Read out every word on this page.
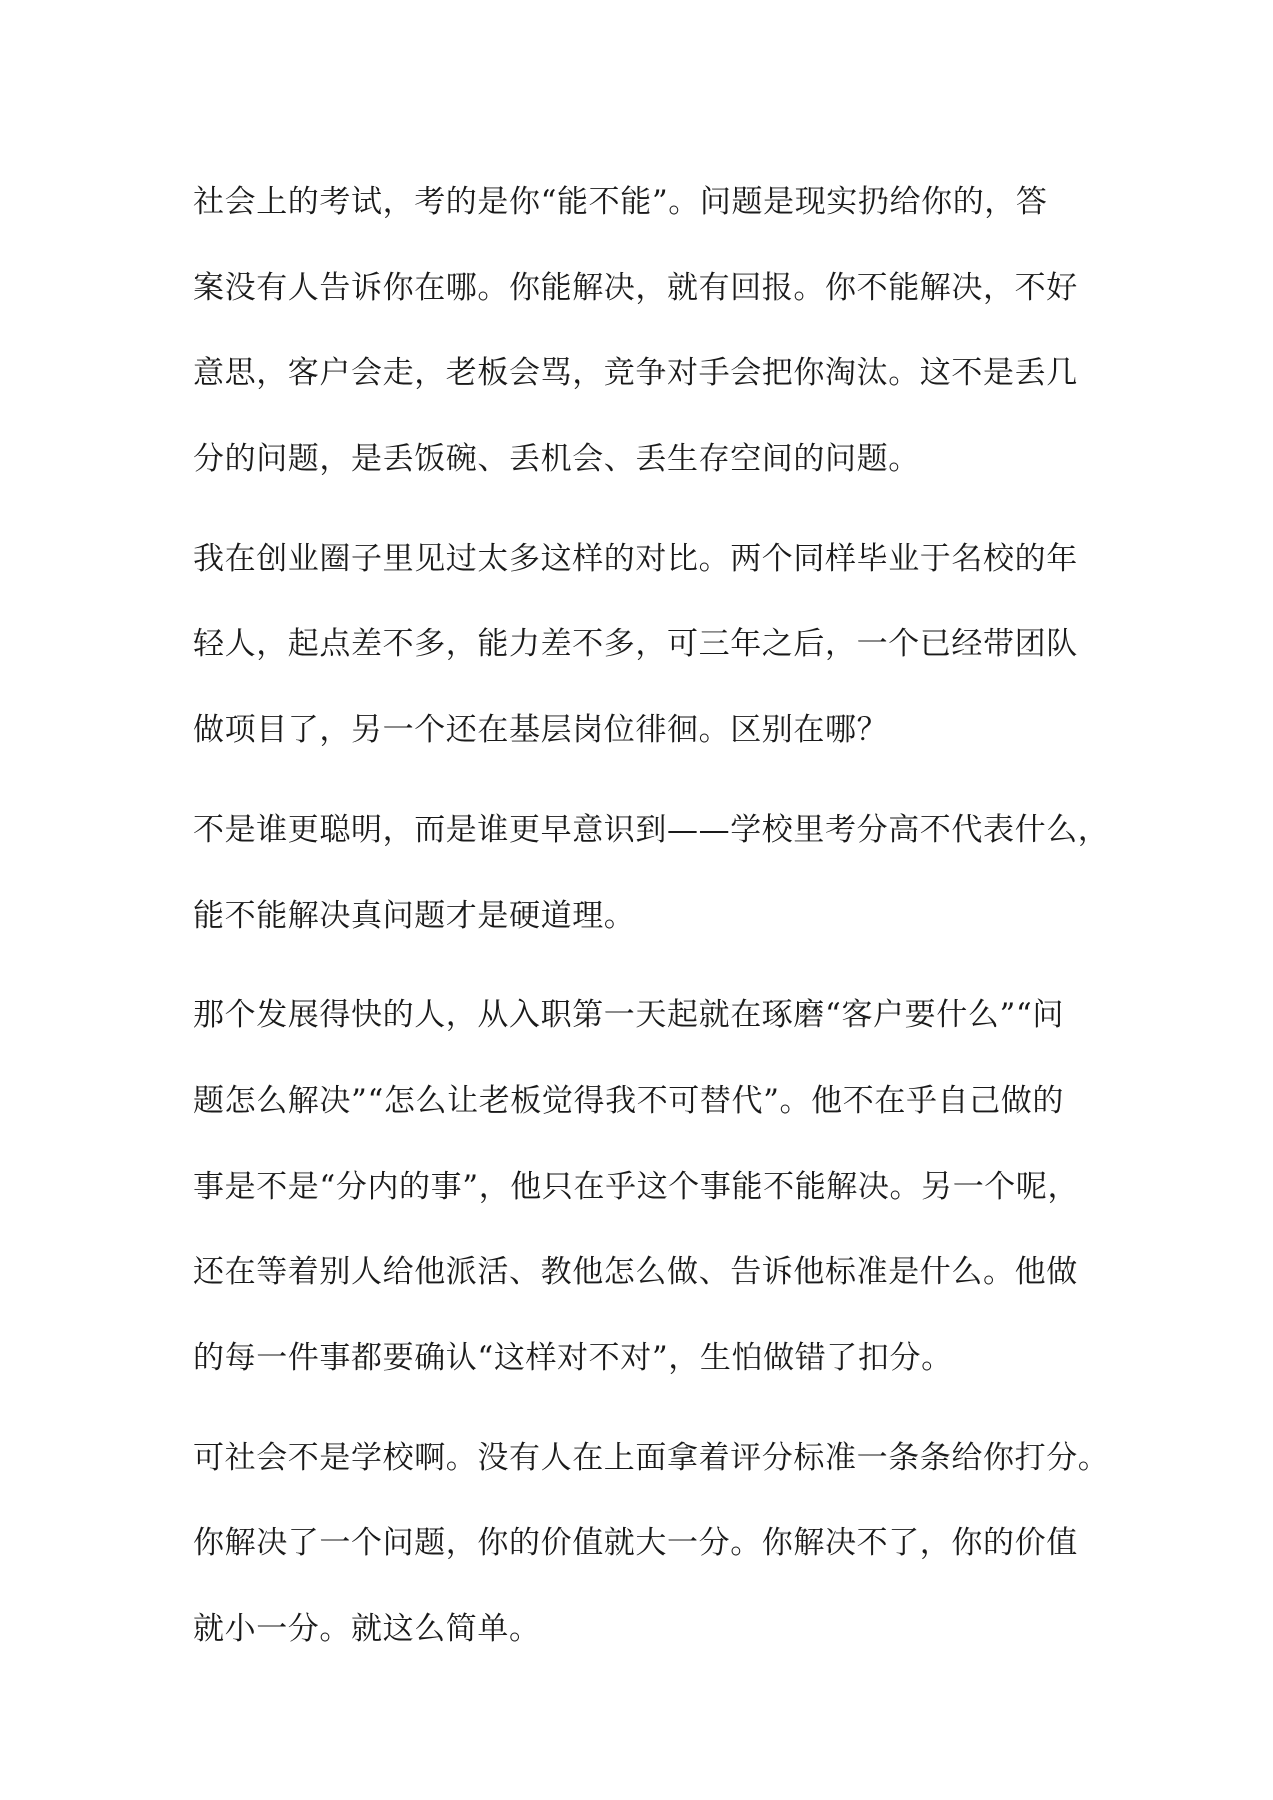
社会上的考试，考的是你“能不能”。问题是现实扔给你的，答
案没有人告诉你在哪。你能解决，就有回报。你不能解决，不好
意思，客户会走，老板会骂，竞争对手会把你淘汰。这不是丢几
分的问题，是丢饭碗、丢机会、丢生存空间的问题。

我在创业圈子里见过太多这样的对比。两个同样毕业于名校的年
轻人，起点差不多，能力差不多，可三年之后，一个已经带团队
做项目了，另一个还在基层岗位徘徊。区别在哪？

不是谁更聪明，而是谁更早意识到——学校里考分高不代表什么，
能不能解决真问题才是硬道理。

那个发展得快的人，从入职第一天起就在琢磨“客户要什么”“问
题怎么解决”“怎么让老板觉得我不可替代”。他不在乎自己做的
事是不是“分内的事”，他只在乎这个事能不能解决。另一个呢，
还在等着别人给他派活、教他怎么做、告诉他标准是什么。他做
的每一件事都要确认“这样对不对”，生怕做错了扣分。

可社会不是学校啊。没有人在上面拿着评分标准一条条给你打分。
你解决了一个问题，你的价值就大一分。你解决不了，你的价值
就小一分。就这么简单。
